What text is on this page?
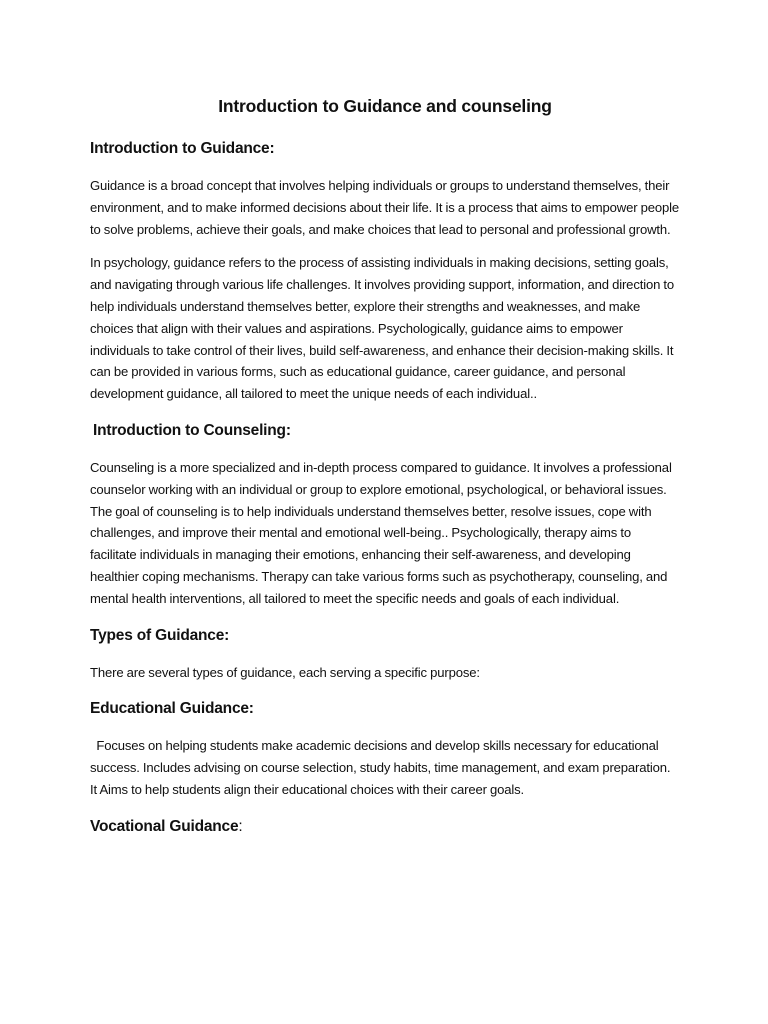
Introduction to Guidance and counseling
Introduction to Guidance:

Guidance is a broad concept that involves helping individuals or groups to understand themselves, their environment, and to make informed decisions about their life. It is a process that aims to empower people to solve problems, achieve their goals, and make choices that lead to personal and professional growth.

In psychology, guidance refers to the process of assisting individuals in making decisions, setting goals, and navigating through various life challenges. It involves providing support, information, and direction to help individuals understand themselves better, explore their strengths and weaknesses, and make choices that align with their values and aspirations. Psychologically, guidance aims to empower individuals to take control of their lives, build self-awareness, and enhance their decision-making skills. It can be provided in various forms, such as educational guidance, career guidance, and personal development guidance, all tailored to meet the unique needs of each individual..

Introduction to Counseling:

Counseling is a more specialized and in-depth process compared to guidance. It involves a professional counselor working with an individual or group to explore emotional, psychological, or behavioral issues. The goal of counseling is to help individuals understand themselves better, resolve issues, cope with challenges, and improve their mental and emotional well-being.. Psychologically, therapy aims to facilitate individuals in managing their emotions, enhancing their self-awareness, and developing healthier coping mechanisms. Therapy can take various forms such as psychotherapy, counseling, and mental health interventions, all tailored to meet the specific needs and goals of each individual.

Types of Guidance:

There are several types of guidance, each serving a specific purpose:

Educational Guidance:

Focuses on helping students make academic decisions and develop skills necessary for educational success. Includes advising on course selection, study habits, time management, and exam preparation. It Aims to help students align their educational choices with their career goals.

Vocational Guidance:
